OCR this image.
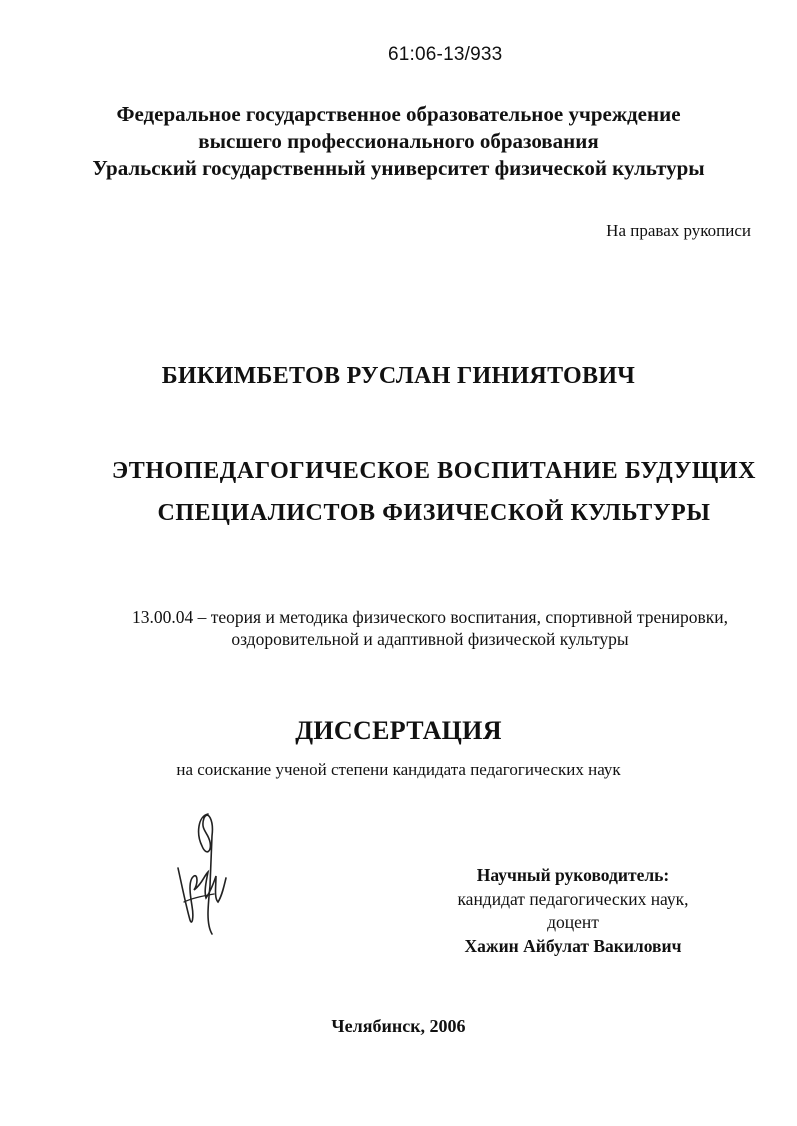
61:06-13/933
Федеральное государственное образовательное учреждение
высшего профессионального образования
Уральский государственный университет физической культуры
На правах рукописи
БИКИМБЕТОВ РУСЛАН ГИНИЯТОВИЧ
ЭТНОПЕДАГОГИЧЕСКОЕ ВОСПИТАНИЕ БУДУЩИХ
СПЕЦИАЛИСТОВ ФИЗИЧЕСКОЙ КУЛЬТУРЫ
13.00.04 – теория и методика физического воспитания, спортивной тренировки,
оздоровительной и адаптивной физической культуры
ДИССЕРТАЦИЯ
на соискание ученой степени кандидата педагогических наук
Научный руководитель:
кандидат педагогических наук,
доцент
Хажин Айбулат Вакилович
Челябинск, 2006
